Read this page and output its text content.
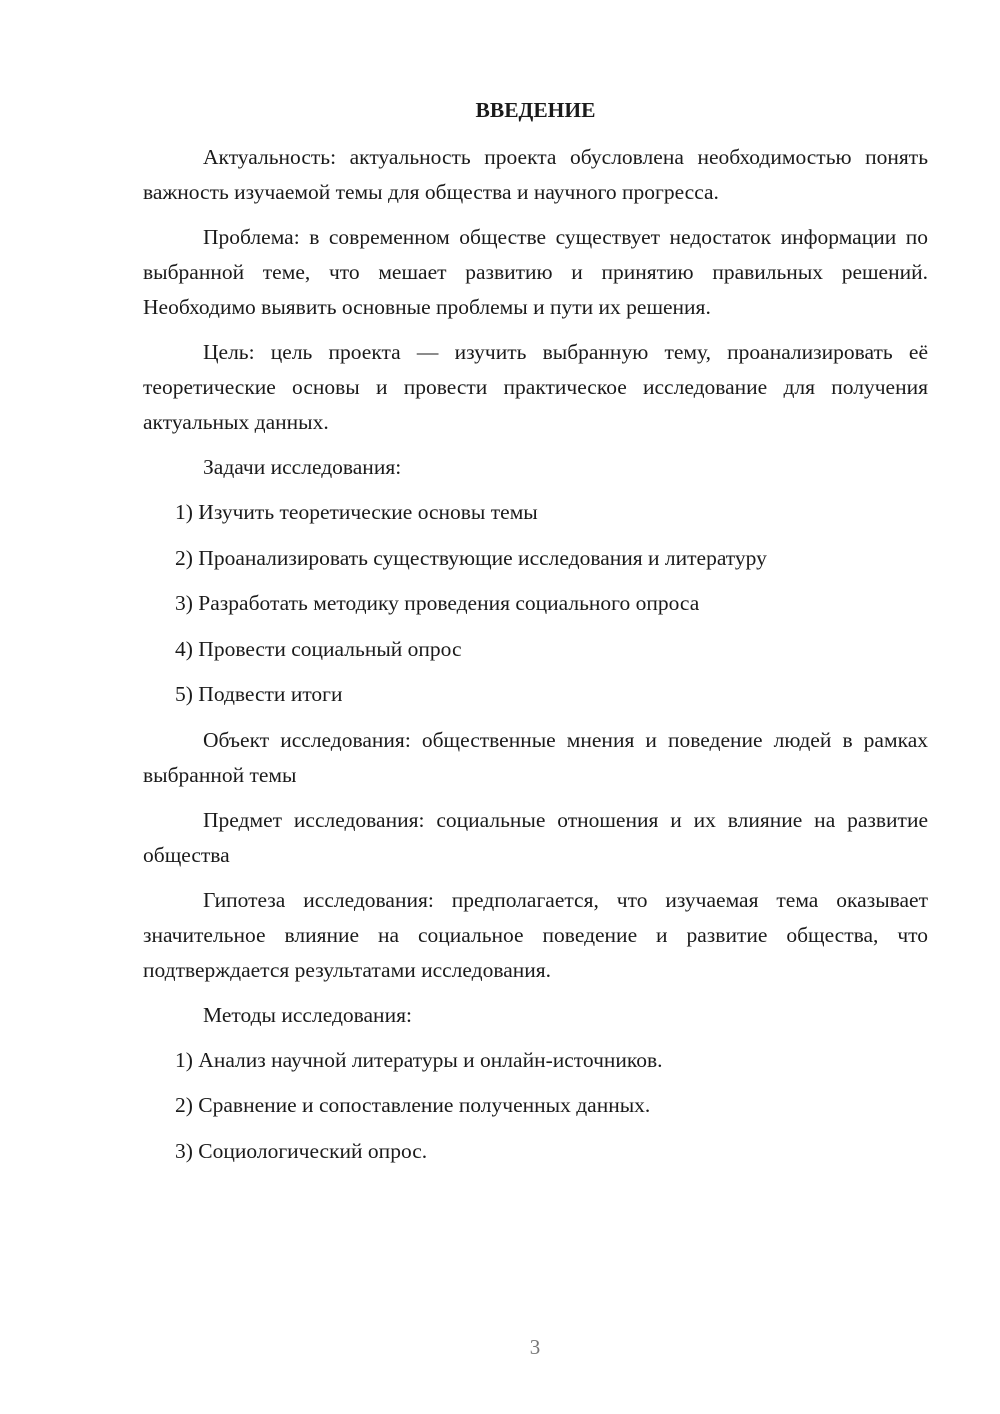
ВВЕДЕНИЕ

Актуальность: актуальность проекта обусловлена необходимостью понять важность изучаемой темы для общества и научного прогресса.

Проблема: в современном обществе существует недостаток информации по выбранной теме, что мешает развитию и принятию правильных решений. Необходимо выявить основные проблемы и пути их решения.

Цель: цель проекта — изучить выбранную тему, проанализировать её теоретические основы и провести практическое исследование для получения актуальных данных.

Задачи исследования:

1) Изучить теоретические основы темы
2) Проанализировать существующие исследования и литературу
3) Разработать методику проведения социального опроса
4) Провести социальный опрос
5) Подвести итоги

Объект исследования: общественные мнения и поведение людей в рамках выбранной темы

Предмет исследования: социальные отношения и их влияние на развитие общества

Гипотеза исследования: предполагается, что изучаемая тема оказывает значительное влияние на социальное поведение и развитие общества, что подтверждается результатами исследования.

Методы исследования:

1) Анализ научной литературы и онлайн-источников.
2) Сравнение и сопоставление полученных данных.
3) Социологический опрос.
3
